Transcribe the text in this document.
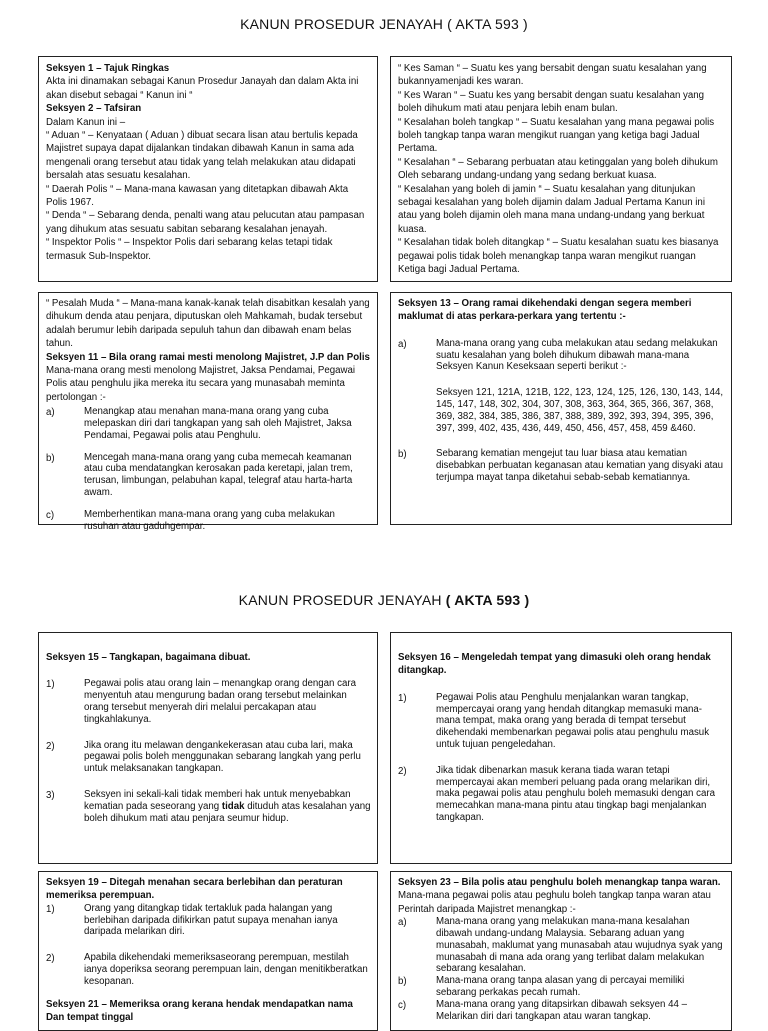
KANUN PROSEDUR JENAYAH ( AKTA 593 )
KANUN PROSEDUR JENAYAH ( AKTA 593 )

Seksyen 1 – Tajuk Ringkas

Akta ini dinamakan sebagai Kanun Prosedur Janayah dan dalam Akta ini akan disebut sebagai “ Kanun ini “

Seksyen 2 – Tafsiran

Dalam Kanun ini –

“ Aduan “ – Kenyataan ( Aduan ) dibuat secara lisan atau bertulis kepada Majistret supaya dapat dijalankan tindakan dibawah Kanun in sama ada mengenali orang tersebut atau tidak yang telah melakukan atau didapati bersalah atas sesuatu kesalahan.

“ Daerah Polis “ – Mana-mana kawasan yang ditetapkan dibawah Akta Polis 1967.

“ Denda “ – Sebarang denda, penalti wang atau pelucutan atau pampasan yang dihukum atas sesuatu sabitan sebarang kesalahan jenayah.

“ Inspektor Polis “ – Inspektor Polis dari sebarang kelas tetapi tidak termasuk Sub-Inspektor.

“ Kes Saman “ – Suatu kes yang bersabit dengan suatu kesalahan yang bukannyamenjadi kes waran.

“ Kes Waran “ – Suatu kes yang bersabit dengan suatu kesalahan yang boleh dihukum mati atau penjara lebih enam bulan.

“ Kesalahan boleh tangkap “ – Suatu kesalahan yang mana pegawai polis boleh tangkap tanpa waran mengikut ruangan yang ketiga bagi Jadual Pertama.

“ Kesalahan “ – Sebarang perbuatan atau ketinggalan yang boleh dihukum Oleh sebarang undang-undang yang sedang berkuat kuasa.

“ Kesalahan yang boleh di jamin “ – Suatu kesalahan yang ditunjukan sebagai kesalahan yang boleh dijamin dalam Jadual Pertama Kanun ini atau yang boleh dijamin oleh mana mana undang-undang yang berkuat kuasa.

“ Kesalahan tidak boleh ditangkap “ – Suatu kesalahan suatu kes biasanya pegawai polis tidak boleh menangkap tanpa waran mengikut ruangan Ketiga bagi Jadual Pertama.

“ Pesalah Muda “ – Mana-mana kanak-kanak telah disabitkan kesalah yang dihukum denda atau penjara, diputuskan oleh Mahkamah, budak tersebut adalah berumur lebih daripada sepuluh tahun dan dibawah enam belas tahun.

Seksyen 11 – Bila orang ramai mesti menolong Majistret, J.P dan Polis

Mana-mana orang mesti menolong Majistret, Jaksa Pendamai, Pegawai Polis atau penghulu jika mereka itu secara yang munasabah meminta pertolongan :-

a)	Menangkap atau menahan mana-mana orang yang cuba melepaskan diri dari tangkapan yang sah oleh Majistret, Jaksa Pendamai, Pegawai polis atau Penghulu.
b)	Mencegah mana-mana orang yang cuba memecah keamanan atau cuba mendatangkan kerosakan pada keretapi, jalan trem, terusan, limbungan, pelabuhan kapal, telegraf atau harta-harta awam.
c)	Memberhentikan mana-mana orang yang cuba melakukan rusuhan atau gaduhgempar.

Seksyen 13 – Orang ramai dikehendaki dengan segera memberi maklumat di atas perkara-perkara yang tertentu :-

a)	Mana-mana orang yang cuba melakukan atau sedang melakukan suatu kesalahan yang boleh dihukum dibawah mana-mana Seksyen Kanun Keseksaan seperti berikut :-
Seksyen 121, 121A, 121B, 122, 123, 124, 125, 126, 130, 143, 144, 145, 147, 148, 302, 304, 307, 308, 363, 364, 365, 366, 367, 368, 369, 382, 384, 385, 386, 387, 388, 389, 392, 393, 394, 395, 396, 397, 399, 402, 435, 436, 449, 450, 456, 457, 458, 459 &460.
b)	Sebarang kematian mengejut tau luar biasa atau kematian disebabkan perbuatan keganasan atau kematian yang disyaki atau terjumpa mayat tanpa diketahui sebab-sebab kematiannya.

Seksyen 15 – Tangkapan, bagaimana dibuat.

1)	Pegawai polis atau orang lain – menangkap orang dengan cara menyentuh atau mengurung badan orang tersebut melainkan orang tersebut menyerah diri melalui percakapan atau tingkahlakunya.
2)	Jika orang itu melawan dengankekerasan atau cuba lari, maka pegawai polis boleh menggunakan sebarang langkah yang perlu untuk melaksanakan tangkapan.
3)	Seksyen ini sekali-kali tidak memberi hak untuk menyebabkan kematian pada seseorang yang tidak dituduh atas kesalahan yang boleh dihukum mati atau penjara seumur hidup.

Seksyen 16 – Mengeledah tempat yang dimasuki oleh orang hendak ditangkap.

1)	Pegawai Polis atau Penghulu menjalankan waran tangkap, mempercayai orang yang hendah ditangkap memasuki mana-mana tempat, maka orang yang berada di tempat tersebut dikehendaki membenarkan pegawai polis atau penghulu masuk untuk tujuan pengeledahan.
2)	Jika tidak dibenarkan masuk kerana tiada waran tetapi mempercayai akan memberi peluang pada orang melarikan diri, maka pegawai polis atau penghulu boleh memasuki dengan cara memecahkan mana-mana pintu atau tingkap bagi menjalankan tangkapan.

Seksyen 19 – Ditegah menahan secara berlebihan dan peraturan memeriksa perempuan.

1)	Orang yang ditangkap tidak tertakluk pada halangan yang berlebihan daripada difikirkan patut supaya menahan ianya daripada melarikan diri.
2)	Apabila dikehendaki memeriksaseorang perempuan, mestilah ianya doperiksa seorang perempuan lain, dengan menitikberatkan kesopanan.

Seksyen 21 – Memeriksa orang kerana hendak mendapatkan nama Dan tempat tinggal

Seksyen 23 – Bila polis atau penghulu boleh menangkap tanpa waran.

Mana-mana pegawai polis atau peghulu boleh tangkap tanpa waran atau Perintah daripada Majistret menangkap :-

a)	Mana-mana orang yang melakukan mana-mana kesalahan dibawah undang-undang Malaysia. Sebarang aduan yang munasabah, maklumat yang munasabah atau wujudnya syak yang munasabah di mana ada orang yang terlibat dalam melakukan sebarang kesalahan.
b)	Mana-mana orang tanpa alasan yang di percayai memiliki sebarang perkakas pecah rumah.
c)	Mana-mana orang yang ditapsirkan dibawah seksyen 44 – Melarikan diri dari tangkapan atau waran tangkap.
